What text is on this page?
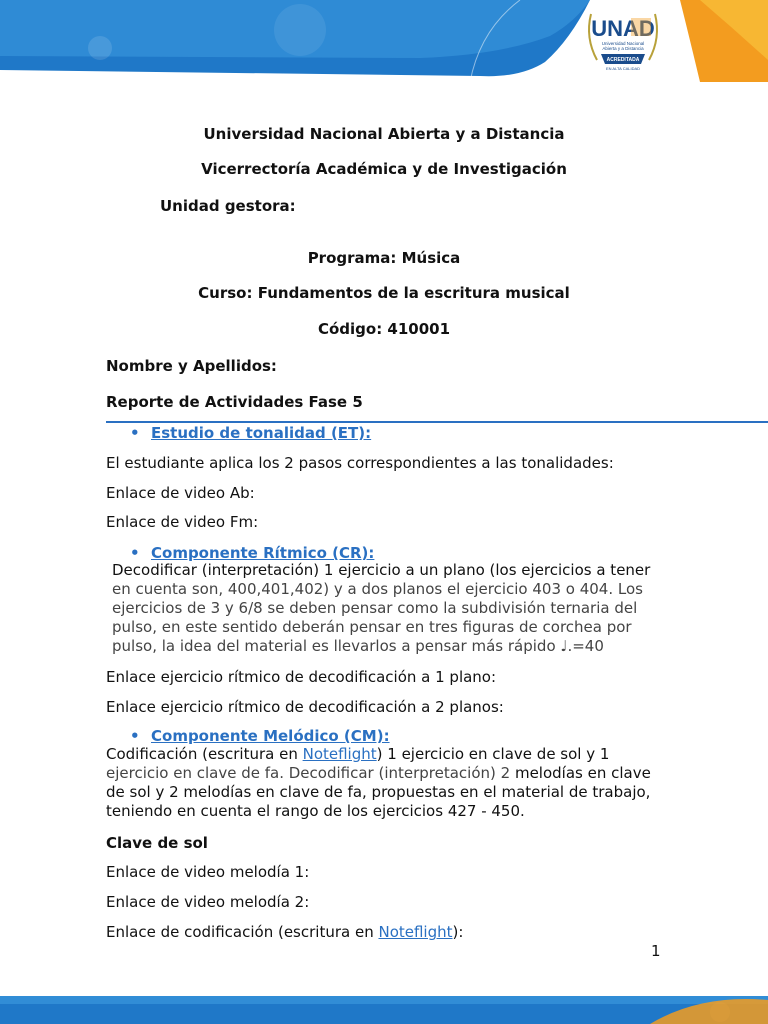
UNAD
Universidad Nacional
Abierta y a Distancia
ACREDITADA
EN ALTA CALIDAD
Universidad Nacional Abierta y a Distancia
Vicerrectoría Académica y de Investigación
Unidad gestora:
Programa: Música
Curso: Fundamentos de la escritura musical
Código: 410001
Nombre y Apellidos:
Reporte de Actividades Fase 5
• Estudio de tonalidad (ET):
El estudiante aplica los 2 pasos correspondientes a las tonalidades:
Enlace de video Ab:
Enlace de video Fm:
• Componente Rítmico (CR):
Decodificar (interpretación) 1 ejercicio a un plano (los ejercicios a tener
en cuenta son, 400,401,402) y a dos planos el ejercicio 403 o 404. Los
ejercicios de 3 y 6/8 se deben pensar como la subdivisión ternaria del
pulso, en este sentido deberán pensar en tres figuras de corchea por
pulso, la idea del material es llevarlos a pensar más rápido ♩.=40
Enlace ejercicio rítmico de decodificación a 1 plano:
Enlace ejercicio rítmico de decodificación a 2 planos:
• Componente Melódico (CM):
Codificación (escritura en Noteflight) 1 ejercicio en clave de sol y 1
ejercicio en clave de fa. Decodificar (interpretación) 2 melodías en clave
de sol y 2 melodías en clave de fa, propuestas en el material de trabajo,
teniendo en cuenta el rango de los ejercicios 427 - 450.
Clave de sol
Enlace de video melodía 1:
Enlace de video melodía 2:
Enlace de codificación (escritura en Noteflight):
1
